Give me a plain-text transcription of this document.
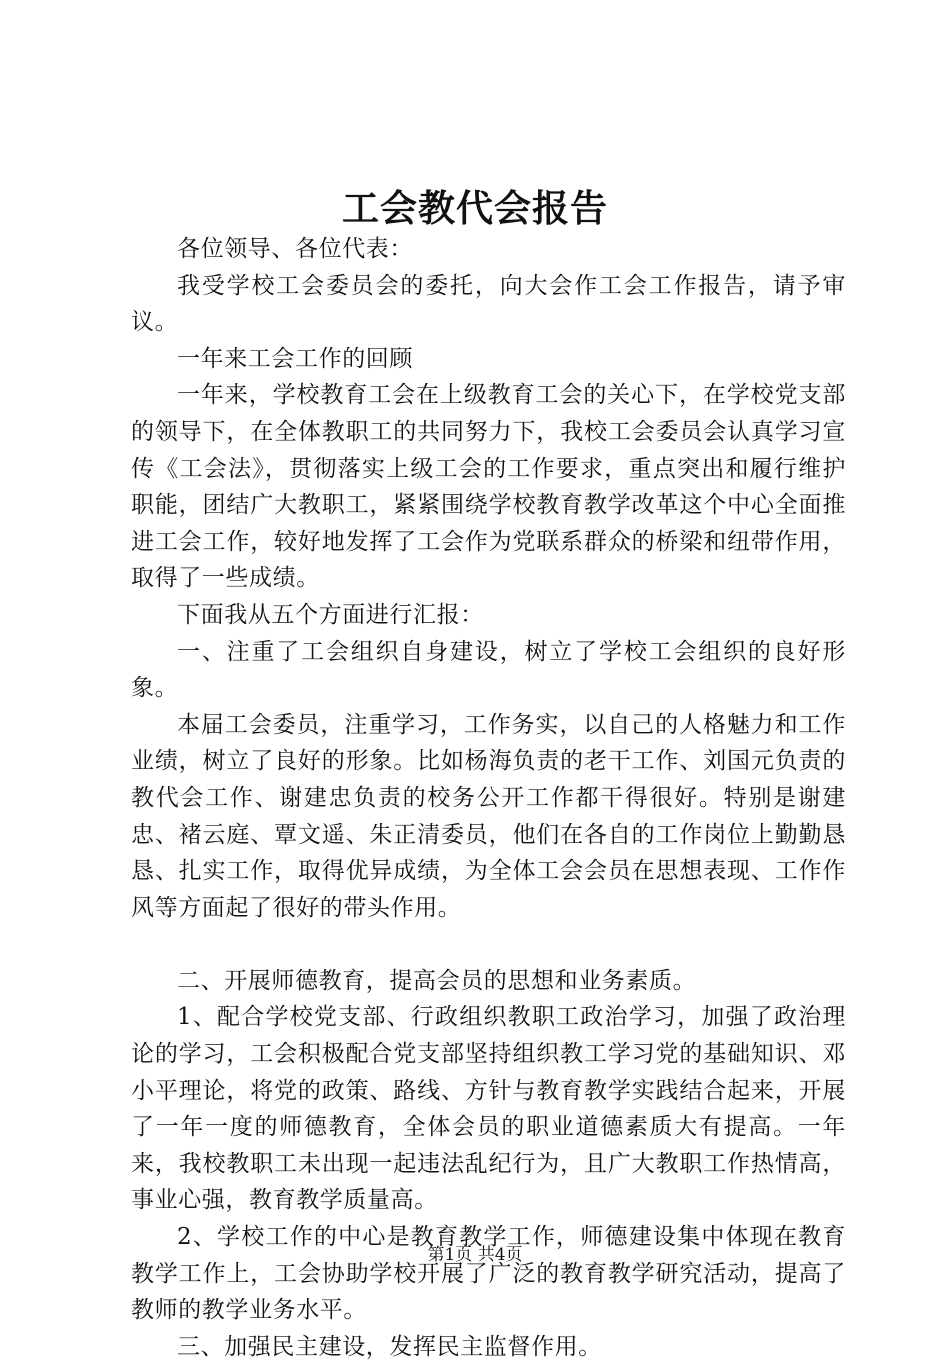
工会教代会报告

各位领导、各位代表：

我受学校工会委员会的委托，向大会作工会工作报告，请予审议。

一年来工会工作的回顾

一年来，学校教育工会在上级教育工会的关心下，在学校党支部的领导下，在全体教职工的共同努力下，我校工会委员会认真学习宣传《工会法》，贯彻落实上级工会的工作要求，重点突出和履行维护职能，团结广大教职工，紧紧围绕学校教育教学改革这个中心全面推进工会工作，较好地发挥了工会作为党联系群众的桥梁和纽带作用，取得了一些成绩。

下面我从五个方面进行汇报：

一、注重了工会组织自身建设，树立了学校工会组织的良好形象。

本届工会委员，注重学习，工作务实，以自己的人格魅力和工作业绩，树立了良好的形象。比如杨海负责的老干工作、刘国元负责的教代会工作、谢建忠负责的校务公开工作都干得很好。特别是谢建忠、褚云庭、覃文遥、朱正清委员，他们在各自的工作岗位上勤勤恳恳、扎实工作，取得优异成绩，为全体工会会员在思想表现、工作作风等方面起了很好的带头作用。

二、开展师德教育，提高会员的思想和业务素质。

1、配合学校党支部、行政组织教职工政治学习，加强了政治理论的学习，工会积极配合党支部坚持组织教工学习党的基础知识、邓小平理论，将党的政策、路线、方针与教育教学实践结合起来，开展了一年一度的师德教育，全体会员的职业道德素质大有提高。一年来，我校教职工未出现一起违法乱纪行为，且广大教职工作热情高，事业心强，教育教学质量高。

2、学校工作的中心是教育教学工作，师德建设集中体现在教育教学工作上，工会协助学校开展了广泛的教育教学研究活动，提高了教师的教学业务水平。

三、加强民主建设，发挥民主监督作用。

第1页 共4页
